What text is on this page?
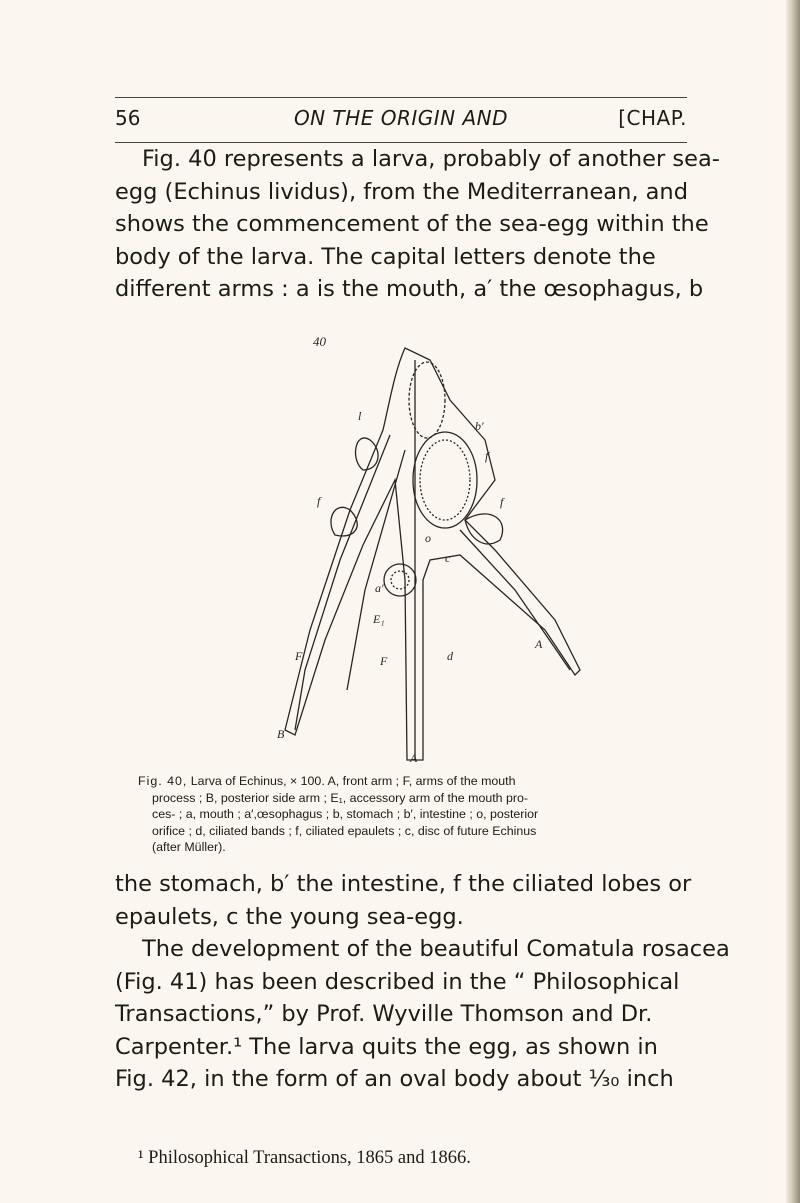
56	ON THE ORIGIN AND	[CHAP.
Fig. 40 represents a larva, probably of another sea-
egg (Echinus lividus), from the Mediterranean, and
shows the commencement of the sea-egg within the
body of the larva. The capital letters denote the
different arms : a is the mouth, a′ the œsophagus, b
40
l
b′
f
f	f
c
a′
o
E₁
F	F	d
A
A
B
Fig. 40, Larva of Echinus, × 100. A, front arm ; F, arms of the mouth
process ; B, posterior side arm ; E₁, accessory arm of the mouth pro-
ces- ; a, mouth ; a′,œsophagus ; b, stomach ; b′, intestine ; o, posterior
orifice ; d, ciliated bands ; f, ciliated epaulets ; c, disc of future Echinus
(after Müller).
the stomach, b′ the intestine, f the ciliated lobes or
epaulets, c the young sea-egg.
The development of the beautiful Comatula rosacea
(Fig. 41) has been described in the “ Philosophical
Transactions,” by Prof. Wyville Thomson and Dr.
Carpenter.¹ The larva quits the egg, as shown in
Fig. 42, in the form of an oval body about ¹⁄₃₀ inch
¹ Philosophical Transactions, 1865 and 1866.
